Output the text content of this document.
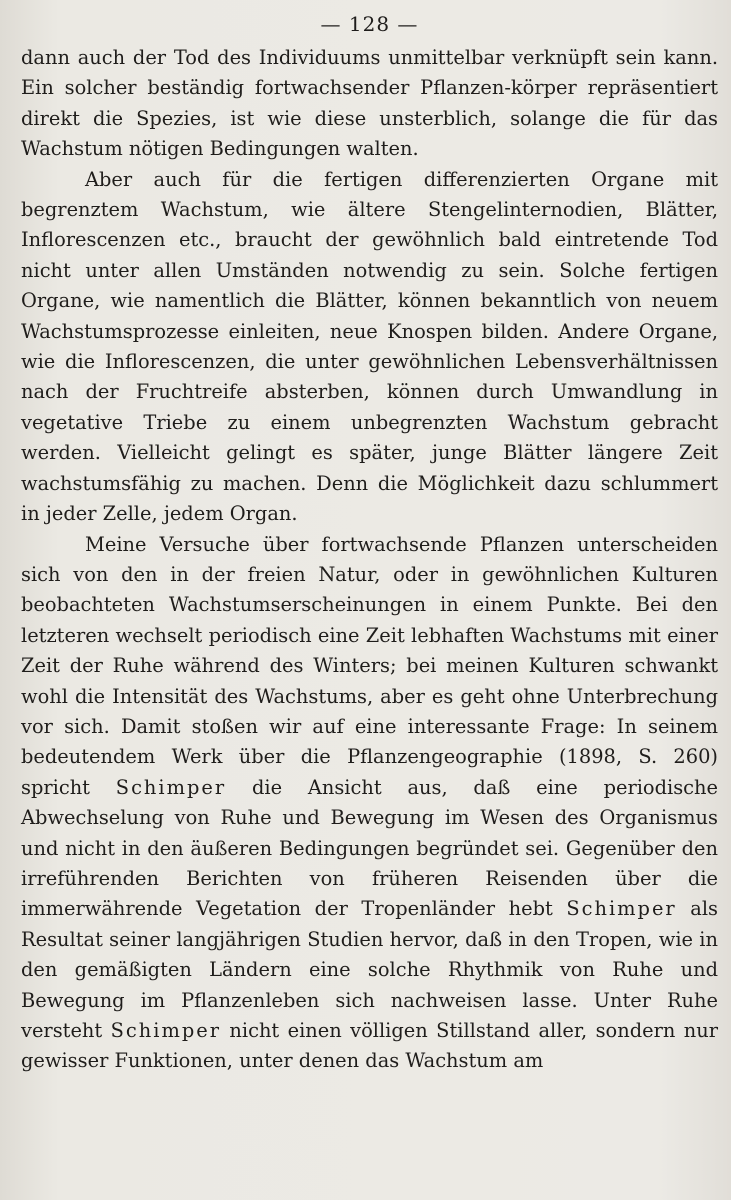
— 128 —

dann auch der Tod des Individuums unmittelbar verknüpft sein kann. Ein solcher beständig fortwachsender Pflanzen-körper repräsentiert direkt die Spezies, ist wie diese unsterblich, solange die für das Wachstum nötigen Bedingungen walten.

Aber auch für die fertigen differenzierten Organe mit begrenztem Wachstum, wie ältere Stengelinternodien, Blätter, Inflorescenzen etc., braucht der gewöhnlich bald eintretende Tod nicht unter allen Umständen notwendig zu sein. Solche fertigen Organe, wie namentlich die Blätter, können bekanntlich von neuem Wachstumsprozesse einleiten, neue Knospen bilden. Andere Organe, wie die Inflorescenzen, die unter gewöhnlichen Lebensverhältnissen nach der Fruchtreife absterben, können durch Umwandlung in vegetative Triebe zu einem unbegrenzten Wachstum gebracht werden. Vielleicht gelingt es später, junge Blätter längere Zeit wachstumsfähig zu machen. Denn die Möglichkeit dazu schlummert in jeder Zelle, jedem Organ.

Meine Versuche über fortwachsende Pflanzen unterscheiden sich von den in der freien Natur, oder in gewöhnlichen Kulturen beobachteten Wachstumserscheinungen in einem Punkte. Bei den letzteren wechselt periodisch eine Zeit lebhaften Wachstums mit einer Zeit der Ruhe während des Winters; bei meinen Kulturen schwankt wohl die Intensität des Wachstums, aber es geht ohne Unterbrechung vor sich. Damit stoßen wir auf eine interessante Frage: In seinem bedeutendem Werk über die Pflanzengeographie (1898, S. 260) spricht Schimper die Ansicht aus, daß eine periodische Abwechselung von Ruhe und Bewegung im Wesen des Organismus und nicht in den äußeren Bedingungen begründet sei. Gegenüber den irreführenden Berichten von früheren Reisenden über die immerwährende Vegetation der Tropenländer hebt Schimper als Resultat seiner langjährigen Studien hervor, daß in den Tropen, wie in den gemäßigten Ländern eine solche Rhythmik von Ruhe und Bewegung im Pflanzenleben sich nachweisen lasse. Unter Ruhe versteht Schimper nicht einen völligen Stillstand aller, sondern nur gewisser Funktionen, unter denen das Wachstum am
